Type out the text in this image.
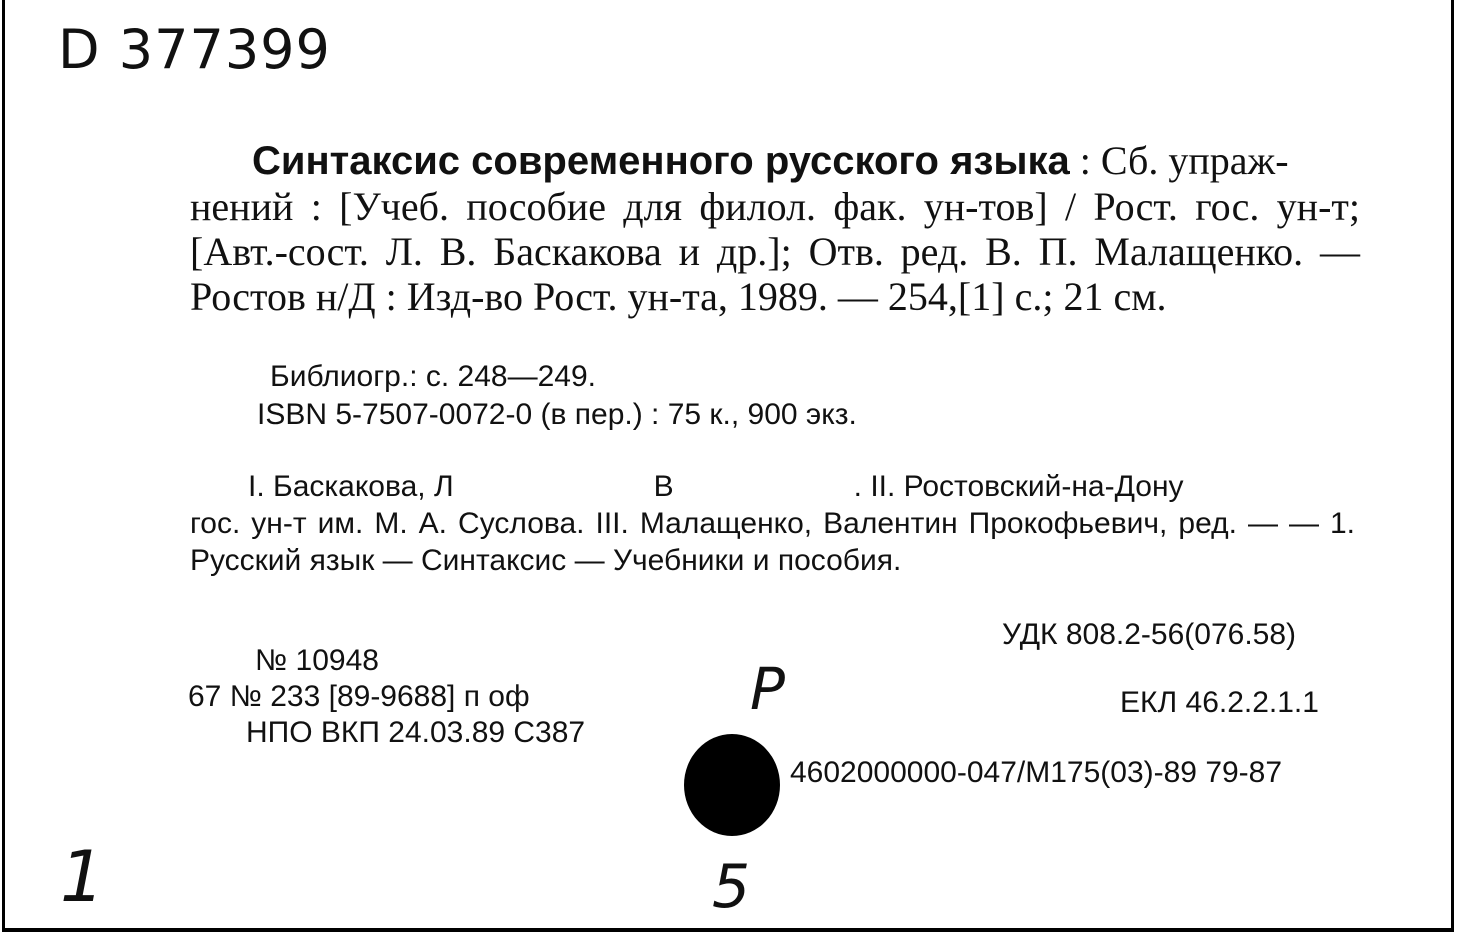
D 377399
Синтаксис современного русского языка : Сб. упраж-
нений : [Учеб. пособие для филол. фак. ун-тов] / Рост. гос. ун-т; [Авт.-сост. Л. В. Баскакова и др.]; Отв. ред. В. П. Малащенко. — Ростов н/Д : Изд-во Рост. ун-та, 1989. — 254,[1] с.; 21 см.
Библиогр.: с. 248—249.
ISBN 5-7507-0072-0 (в пер.) : 75 к., 900 экз.
I. Баскакова, Л	В	. II. Ростовский-на-Дону
гос. ун-т им. М. А. Суслова. III. Малащенко, Валентин Прокофьевич, ред. — — 1. Русский язык — Синтаксис — Учебники и пособия.
УДК 808.2-56(076.58)
№ 10948
67 № 233 [89-9688] п оф
НПО ВКП 24.03.89 С387
ЕКЛ 46.2.2.1.1
4602000000-047/M175(03)-89 79-87
Р
1	5
